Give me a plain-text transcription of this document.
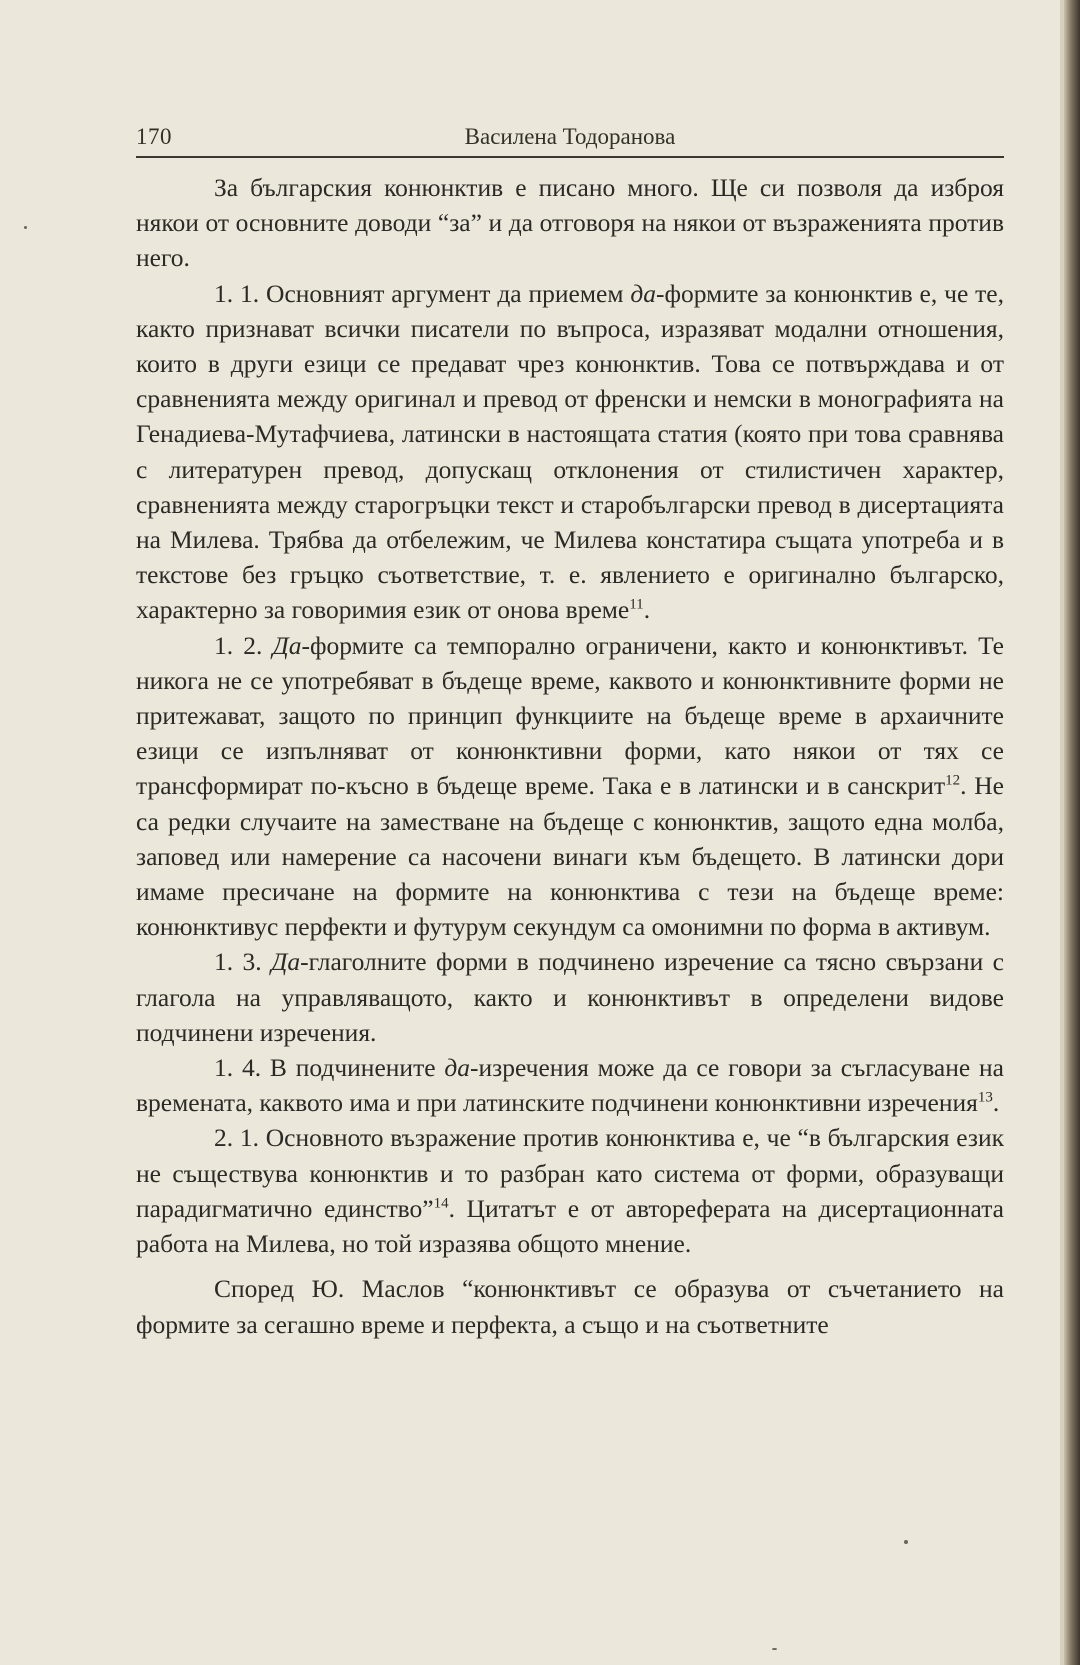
170	Василена Тодоранова

За българския конюнктив е писано много. Ще си позволя да изброя някои от основните доводи “за” и да отговоря на някои от възраженията против него.

1. 1. Основният аргумент да приемем да-формите за конюнктив е, че те, както признават всички писатели по въпроса, изразяват модални отношения, които в други езици се предават чрез конюнктив. Това се потвърждава и от сравненията между оригинал и превод от френски и немски в монографията на Генадиева-Мутафчиева, латински в настоящата статия (която при това сравнява с литературен превод, допускащ отклонения от стилистичен характер, сравненията между старогръцки текст и старобългарски превод в дисертацията на Милева. Трябва да отбележим, че Милева констатира същата употреба и в текстове без гръцко съответствие, т. е. явлението е оригинално българско, характерно за говоримия език от онова време$^{11}$.

1. 2. Да-формите са темпорално ограничени, както и конюнктивът. Те никога не се употребяват в бъдеще време, каквото и конюнктивните форми не притежават, защото по принцип функциите на бъдеще време в архаичните езици се изпълняват от конюнктивни форми, като някои от тях се трансформират по-късно в бъдеще време. Така е в латински и в санскрит$^{12}$. Не са редки случаите на заместване на бъдеще с конюнктив, защото една молба, заповед или намерение са насочени винаги към бъдещето. В латински дори имаме пресичане на формите на конюнктива с тези на бъдеще време: конюнктивус перфекти и футурум секундум са омонимни по форма в активум.

1. 3. Да-глаголните форми в подчинено изречение са тясно свързани с глагола на управляващото, както и конюнктивът в определени видове подчинени изречения.

1. 4. В подчинените да-изречения може да се говори за съгласуване на времената, каквото има и при латинските подчинени конюнктивни изречения$^{13}$.

2. 1. Основното възражение против конюнктива е, че “в българския език не съществува конюнктив и то разбран като система от форми, образуващи парадигматично единство”$^{14}$. Цитатът е от автореферата на дисертационната работа на Милева, но той изразява общото мнение.

Според Ю. Маслов “конюнктивът се образува от съчетанието на формите за сегашно време и перфекта, а също и на съответните
